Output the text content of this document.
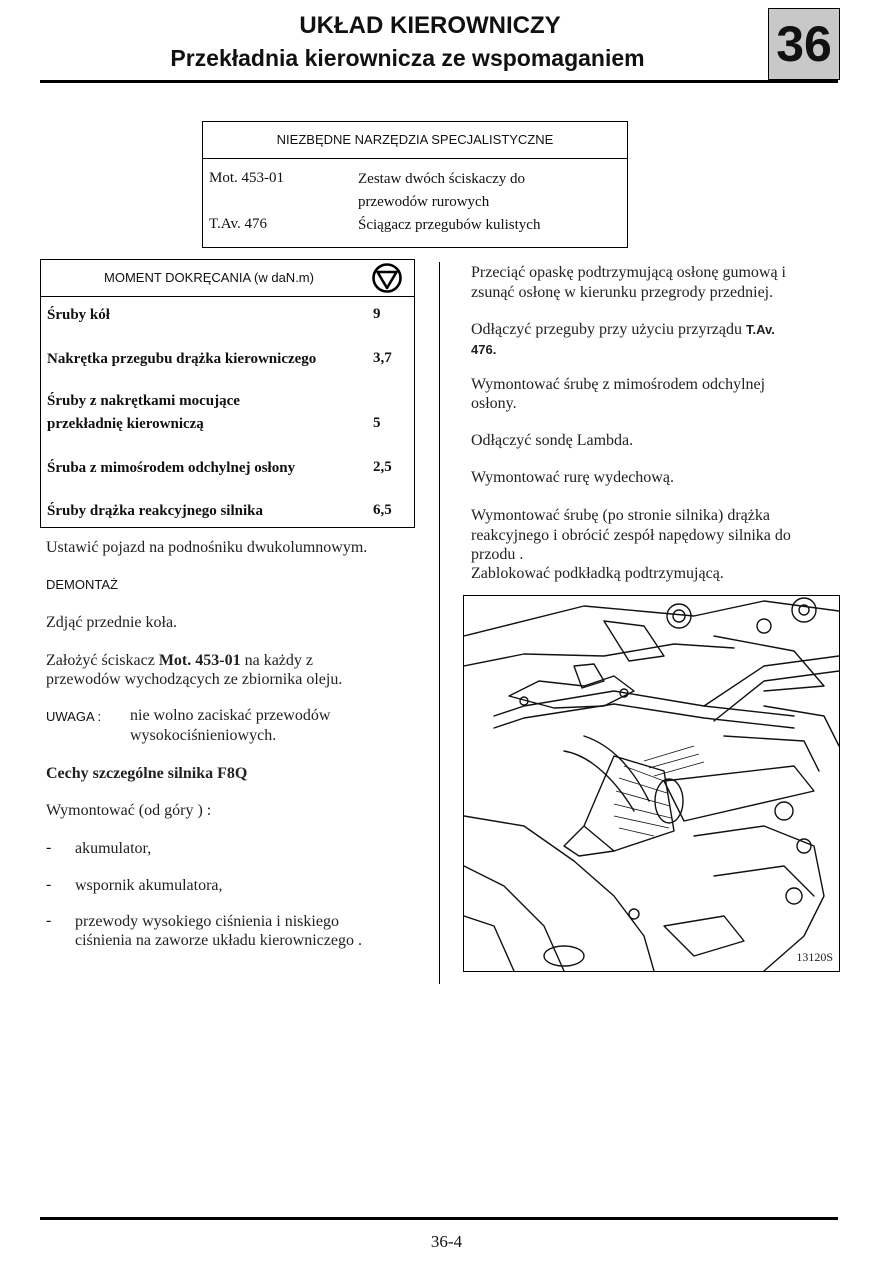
UKŁAD KIEROWNICZY
Przekładnia kierownicza ze wspomaganiem	36
NIEZBĘDNE NARZĘDZIA SPECJALISTYCZNE
Mot. 453-01	Zestaw dwóch ściskaczy do
przewodów rurowych
T.Av. 476	Ściągacz przegubów kulistych
MOMENT DOKRĘCANIA (w daN.m)
Śruby kół	9
Nakrętka przegubu drążka kierowniczego	3,7
Śruby z nakrętkami mocujące
przekładnię kierowniczą	5
Śruba z mimośrodem odchylnej osłony	2,5
Śruby drążka reakcyjnego silnika	6,5
Ustawić pojazd na podnośniku dwukolumnowym.
DEMONTAŻ
Zdjąć przednie koła.
Założyć ściskacz Mot. 453-01 na każdy z
przewodów wychodzących ze zbiornika oleju.
UWAGA : nie wolno zaciskać przewodów
wysokociśnieniowych.
Cechy szczególne silnika F8Q
Wymontować (od góry ) :
- akumulator,
- wspornik akumulatora,
- przewody wysokiego ciśnienia i niskiego
ciśnienia na zaworze układu kierowniczego .
Przeciąć opaskę podtrzymującą osłonę gumową i
zsunąć osłonę w kierunku przegrody przedniej.
Odłączyć przeguby przy użyciu przyrządu T.Av.
476.
Wymontować śrubę z mimośrodem odchylnej
osłony.
Odłączyć sondę Lambda.
Wymontować rurę wydechową.
Wymontować śrubę (po stronie silnika) drążka
reakcyjnego i obrócić zespół napędowy silnika do
przodu .
Zablokować podkładką podtrzymującą.
13120S
36-4
